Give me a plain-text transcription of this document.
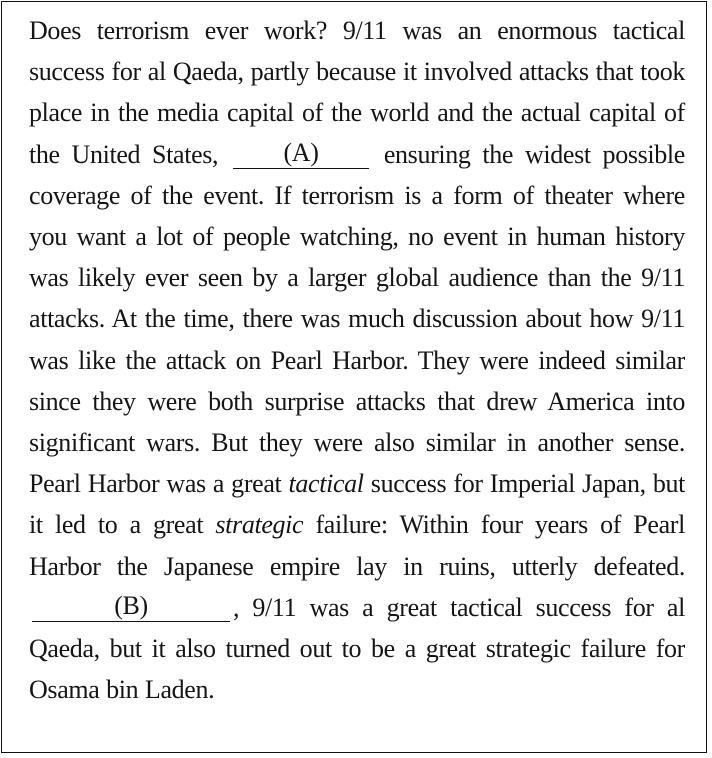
Does terrorism ever work? 9/11 was an enormous tactical success for al Qaeda, partly because it involved attacks that took place in the media capital of the world and the actual capital of the United States,	(A)	ensuring the widest possible coverage of the event. If terrorism is a form of theater where you want a lot of people watching, no event in human history was likely ever seen by a larger global audience than the 9/11 attacks. At the time, there was much discussion about how 9/11 was like the attack on Pearl Harbor. They were indeed similar since they were both surprise attacks that drew America into significant wars. But they were also similar in another sense. Pearl Harbor was a great tactical success for Imperial Japan, but it led to a great strategic failure: Within four years of Pearl Harbor the Japanese empire lay in ruins, utterly defeated. (B)	, 9/11 was a great tactical success for al Qaeda, but it also turned out to be a great strategic failure for Osama bin Laden.
